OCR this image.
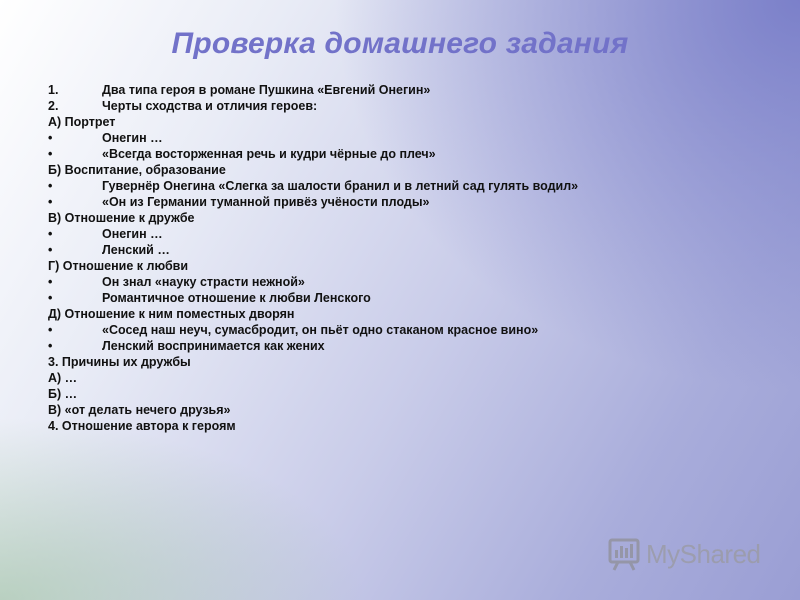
Проверка домашнего задания
1.	Два типа героя в романе Пушкина «Евгений Онегин»
2.	Черты сходства и отличия героев:
А) Портрет
•	Онегин …
•	«Всегда восторженная речь и кудри чёрные до плеч»
Б) Воспитание, образование
•	Гувернёр Онегина «Слегка за шалости бранил и в летний сад гулять водил»
•	«Он из Германии туманной привёз учёности плоды»
В) Отношение к дружбе
•	Онегин …
•	Ленский …
Г) Отношение к любви
•	Он знал «науку страсти нежной»
•	Романтичное отношение к любви Ленского
Д) Отношение к ним поместных дворян
•	«Сосед наш неуч, сумасбродит, он пьёт одно стаканом красное вино»
•	Ленский воспринимается как жених
3. Причины их дружбы
А) …
Б) …
В) «от делать нечего друзья»
4. Отношение автора к героям
MyShared
